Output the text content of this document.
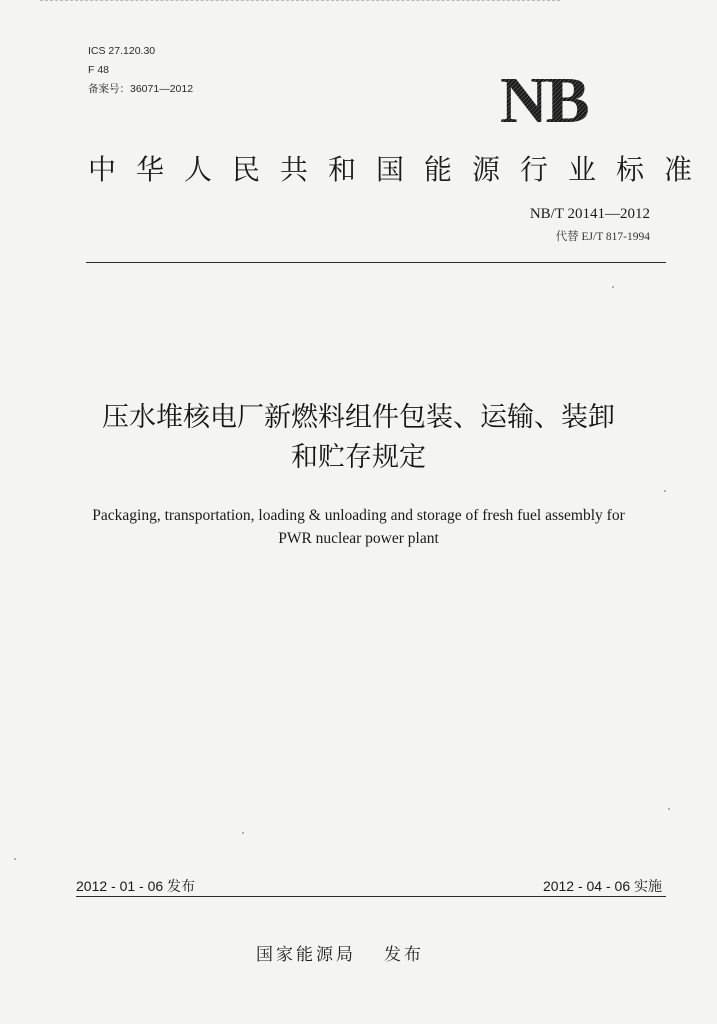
ICS 27.120.30
F 48
备案号：36071—2012	NB
中华人民共和国能源行业标准
NB/T 20141—2012
代替 EJ/T 817-1994
压水堆核电厂新燃料组件包装、运输、装卸
和贮存规定
Packaging, transportation, loading & unloading and storage of fresh fuel assembly for
PWR nuclear power plant
2012 - 01 - 06 发布	2012 - 04 - 06 实施
国家能源局 发布
